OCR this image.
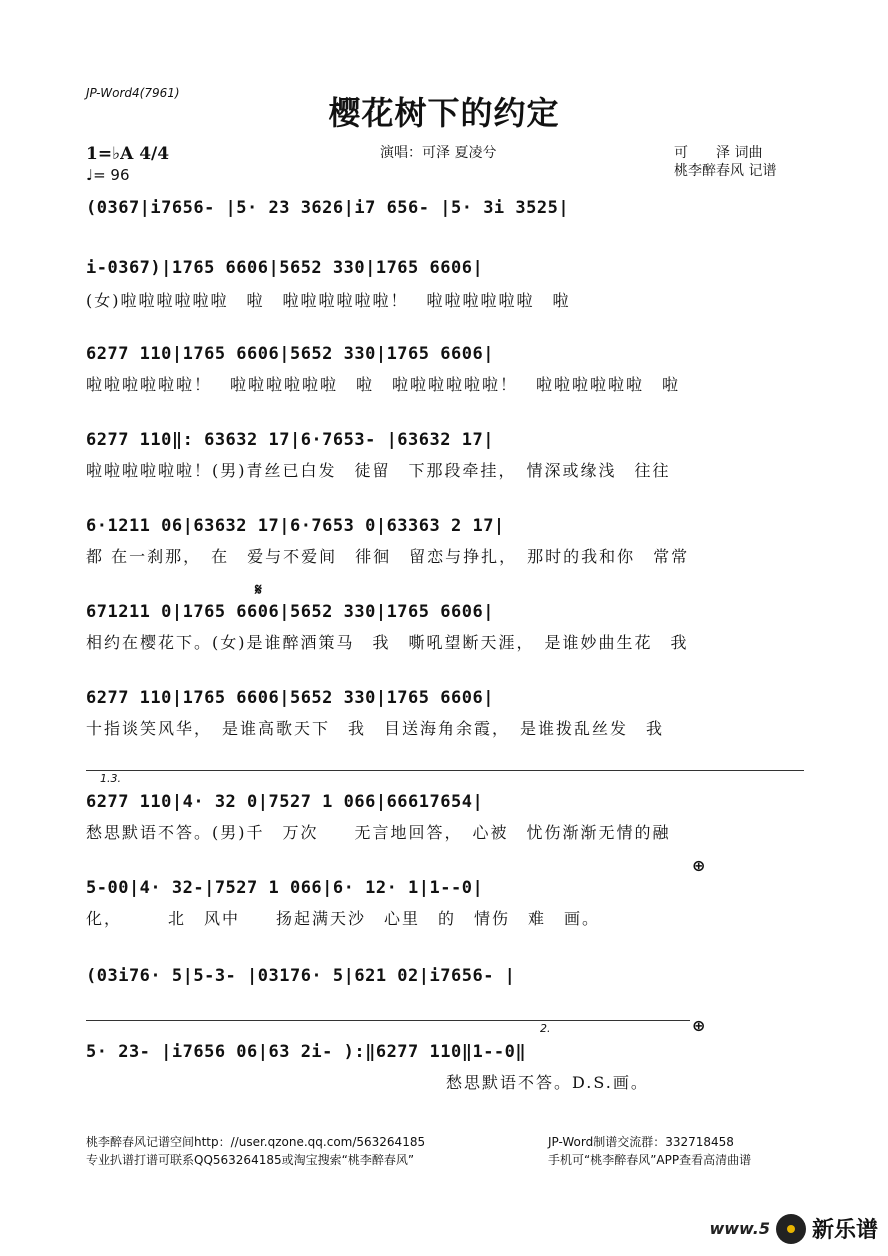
JP-Word4(7961)
樱花树下的约定
1=♭A 4/4
♩= 96
演唱：可泽 夏凌兮	可　　泽 词曲
桃李醉春风 记谱
(0367|i7656- |5· 23 3626|i7 656- |5· 3i 3525|
i-0367)|1765 6606|5652 330|1765 6606|
(女)啦啦啦啦啦啦　啦　啦啦啦啦啦啦！　啦啦啦啦啦啦　啦
6277 110|1765 6606|5652 330|1765 6606|
啦啦啦啦啦啦！　啦啦啦啦啦啦　啦　啦啦啦啦啦啦！　啦啦啦啦啦啦　啦
6277 110‖: 63632 17|6·7653- |63632 17|
啦啦啦啦啦啦！(男)青丝已白发　徒留　下那段牵挂，　情深或缘浅　往往
6·1211 06|63632 17|6·7653 0|63363 2 17|
都 在一刹那，　在　爱与不爱间　徘徊　留恋与挣扎，　那时的我和你　常常
𝄋
671211 0|1765 6606|5652 330|1765 6606|
相约在樱花下。(女)是谁醉酒策马　我　嘶吼望断天涯，　是谁妙曲生花　我
6277 110|1765 6606|5652 330|1765 6606|
十指谈笑风华，　是谁高歌天下　我　目送海角余霞，　是谁拨乱丝发　我
1.3.
6277 110|4· 32 0|7527 1 066|66617654|
愁思默语不答。(男)千　万次　　无言地回答，　心被　忧伤渐渐无情的融
⊕
5-00|4· 32-|7527 1 066|6· 12· 1|1--0|
化，　　　北　风中　　扬起满天沙　心里　的　情伤　难　画。
(03i76· 5|5-3- |03176· 5|621 02|i7656- |
2.	⊕
5· 23- |i7656 06|63 2i- ):‖6277 110‖1--0‖
　　　　　　　　　　　　　　　　　　　　愁思默语不答。D.S.画。
桃李醉春风记谱空间http：//user.qzone.qq.com/563264185
专业扒谱打谱可联系QQ563264185或淘宝搜索“桃李醉春风”
JP-Word制谱交流群：332718458
手机可“桃李醉春风”APP查看高清曲谱
www.5 新乐谱
